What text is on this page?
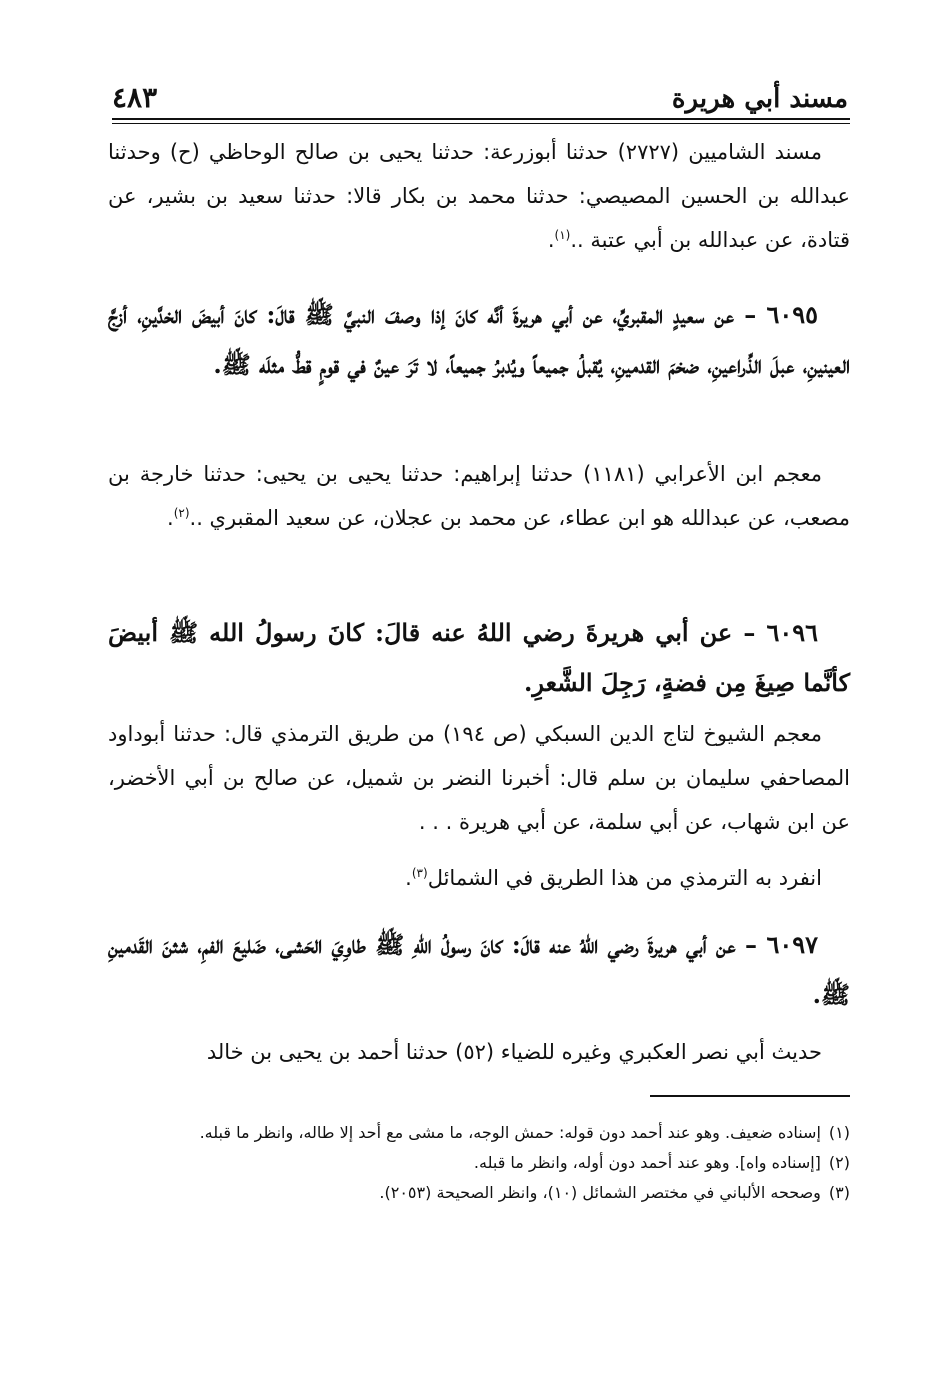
مسند أبي هريرة
٤٨٣

مسند الشاميين (٢٧٢٧) حدثنا أبوزرعة: حدثنا يحيى بن صالح الوحاظي (ح) وحدثنا عبدالله بن الحسين المصيصي: حدثنا محمد بن بكار قالا: حدثنا سعيد بن بشير، عن قتادة، عن عبدالله بن أبي عتبة ..$^{(١)}$.

٦٠٩٥ – عن سعيدٍ المقبريِّ، عن أبي هريرةَ أنَّه كانَ إذا وصفَ النبيَّ ﷺ قالَ: كانَ أبيضَ الخدَّينِ، أزجَّ العينينِ، عبلَ الذِّراعينِ، ضخمَ القدمينِ، يُقبلُ جميعاً ويُدبرُ جميعاً، لا تَرَ عينٌ في قومٍ قطُّ مثلَه ﷺ.

معجم ابن الأعرابي (١١٨١) حدثنا إبراهيم: حدثنا يحيى بن يحيى: حدثنا خارجة بن مصعب، عن عبدالله هو ابن عطاء، عن محمد بن عجلان، عن سعيد المقبري ..$^{(٢)}$.

٦٠٩٦ – عن أبي هريرةَ رضي اللهُ عنه قالَ: كانَ رسولُ الله ﷺ أبيضَ كأنَّما صِيغَ مِن فضةٍ، رَجِلَ الشَّعرِ.

معجم الشيوخ لتاج الدين السبكي (ص ١٩٤) من طريق الترمذي قال: حدثنا أبوداود المصاحفي سليمان بن سلم قال: أخبرنا النضر بن شميل، عن صالح بن أبي الأخضر، عن ابن شهاب، عن أبي سلمة، عن أبي هريرة . . .

انفرد به الترمذي من هذا الطريق في الشمائل$^{(٣)}$.

٦٠٩٧ – عن أبي هريرةَ رضي اللهُ عنه قالَ: كانَ رسولُ اللهِ ﷺ طاوِيَ الحَشى، ضَليعَ الفمِ، شثنَ القَدمينِ ﷺ.

حديث أبي نصر العكبري وغيره للضياء (٥٢) حدثنا أحمد بن يحيى بن خالد

(١)
إسناده ضعيف. وهو عند أحمد دون قوله: حمش الوجه، ما مشى مع أحد إلا طاله، وانظر ما قبله.
(٢)
[إسناده واه]. وهو عند أحمد دون أوله، وانظر ما قبله.
(٣)
وصححه الألباني في مختصر الشمائل (١٠)، وانظر الصحيحة (٢٠٥٣).
